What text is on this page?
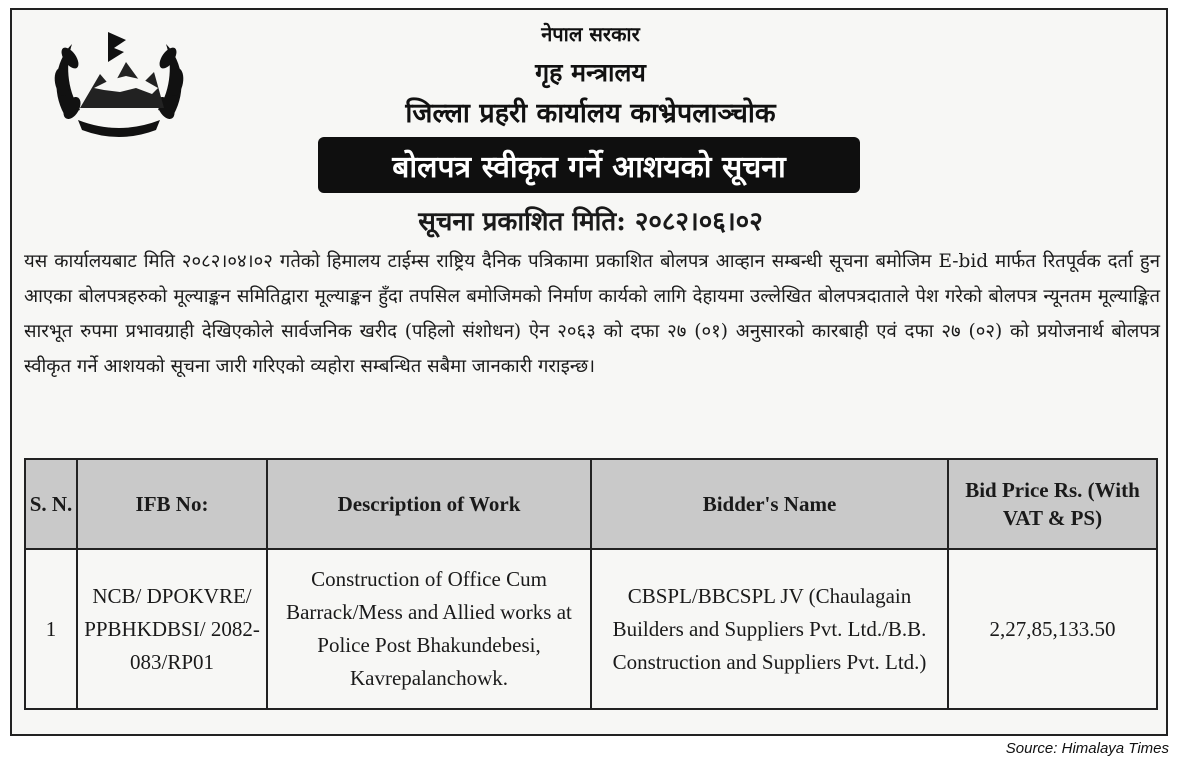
नेपाल सरकार
गृह मन्त्रालय
जिल्ला प्रहरी कार्यालय काभ्रेपलाञ्चोक
बोलपत्र स्वीकृत गर्ने आशयको सूचना
सूचना प्रकाशित मिति: २०८२।०६।०२

यस कार्यालयबाट मिति २०८२।०४।०२ गतेको हिमालय टाईम्स राष्ट्रिय दैनिक पत्रिकामा प्रकाशित बोलपत्र आव्हान सम्बन्धी सूचना बमोजिम E-bid मार्फत रितपूर्वक दर्ता हुन आएका बोलपत्रहरुको मूल्याङ्कन समितिद्वारा मूल्याङ्कन हुँदा तपसिल बमोजिमको निर्माण कार्यको लागि देहायमा उल्लेखित बोलपत्रदाताले पेश गरेको बोलपत्र न्यूनतम मूल्याङ्कित सारभूत रुपमा प्रभावग्राही देखिएकोले सार्वजनिक खरीद (पहिलो संशोधन) ऐन २०६३ को दफा २७ (०१) अनुसारको कारबाही एवं दफा २७ (०२) को प्रयोजनार्थ बोलपत्र स्वीकृत गर्ने आशयको सूचना जारी गरिएको व्यहोरा सम्बन्धित सबैमा जानकारी गराइन्छ।

S. N.	IFB No:	Description of Work	Bidder's Name	Bid Price Rs. (With VAT & PS)
1	NCB/ DPOKVRE/ PPBHKDBSI/ 2082-083/RP01	Construction of Office Cum Barrack/Mess and Allied works at Police Post Bhakundebesi, Kavrepalanchowk.	CBSPL/BBCSPL JV (Chaulagain Builders and Suppliers Pvt. Ltd./B.B. Construction and Suppliers Pvt. Ltd.)	2,27,85,133.50
Source: Himalaya Times
